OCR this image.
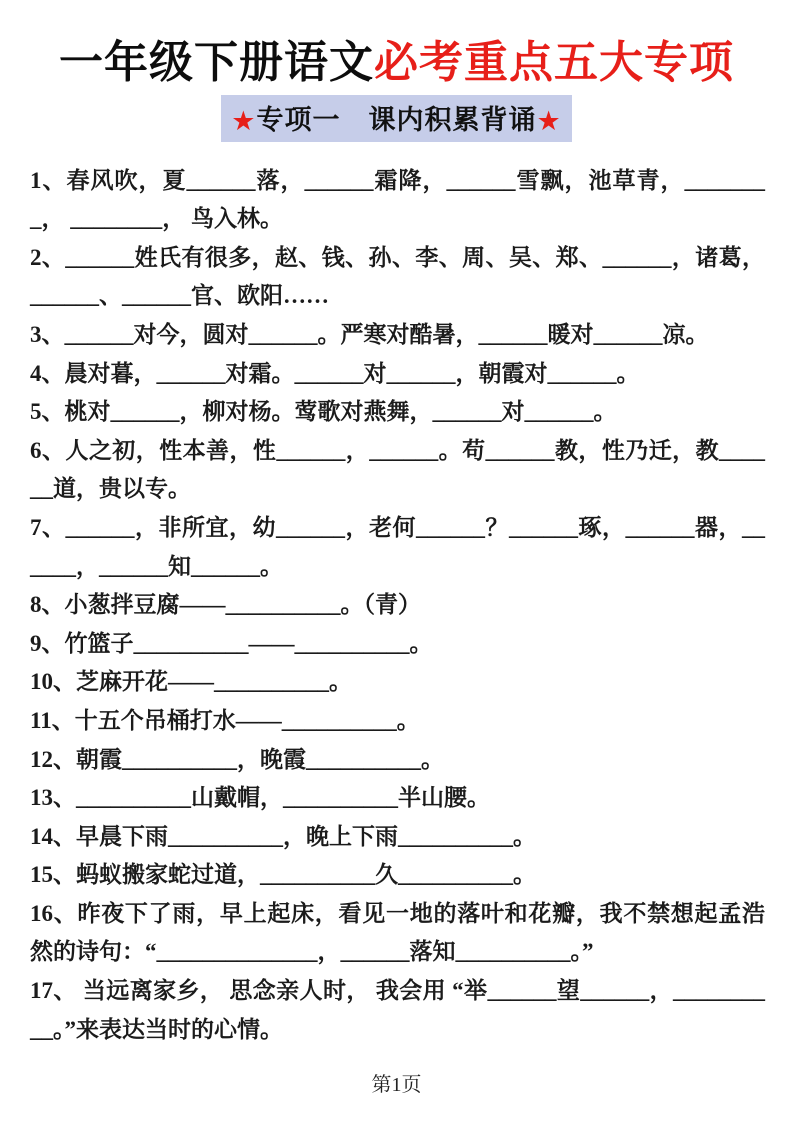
一年级下册语文必考重点五大专项
★专项一　课内积累背诵★

1、春风吹，夏______落，______霜降，______雪飘，池草青，________， ________， 鸟入林。

2、______姓氏有很多，赵、钱、孙、李、周、吴、郑、______，诸葛，______、______官、欧阳……

3、______对今，圆对______。严寒对酷暑，______暖对______凉。

4、晨对暮，______对霜。______对______，朝霞对______。

5、桃对______，柳对杨。莺歌对燕舞，______对______。

6、人之初，性本善，性______，______。苟______教，性乃迁，教______道，贵以专。

7、______，非所宜，幼______，老何______？______琢，______器，______，______知______。

8、小葱拌豆腐——__________。（青）

9、竹篮子__________——__________。

10、芝麻开花——__________。

11、十五个吊桶打水——__________。

12、朝霞__________，晚霞__________。

13、__________山戴帽，__________半山腰。

14、早晨下雨__________，晚上下雨__________。

15、蚂蚁搬家蛇过道，__________久__________。

16、昨夜下了雨，早上起床，看见一地的落叶和花瓣，我不禁想起孟浩然的诗句：“______________，______落知__________。”

17、 当远离家乡， 思念亲人时， 我会用 “举______望______，__________。”来表达当时的心情。

第1页
